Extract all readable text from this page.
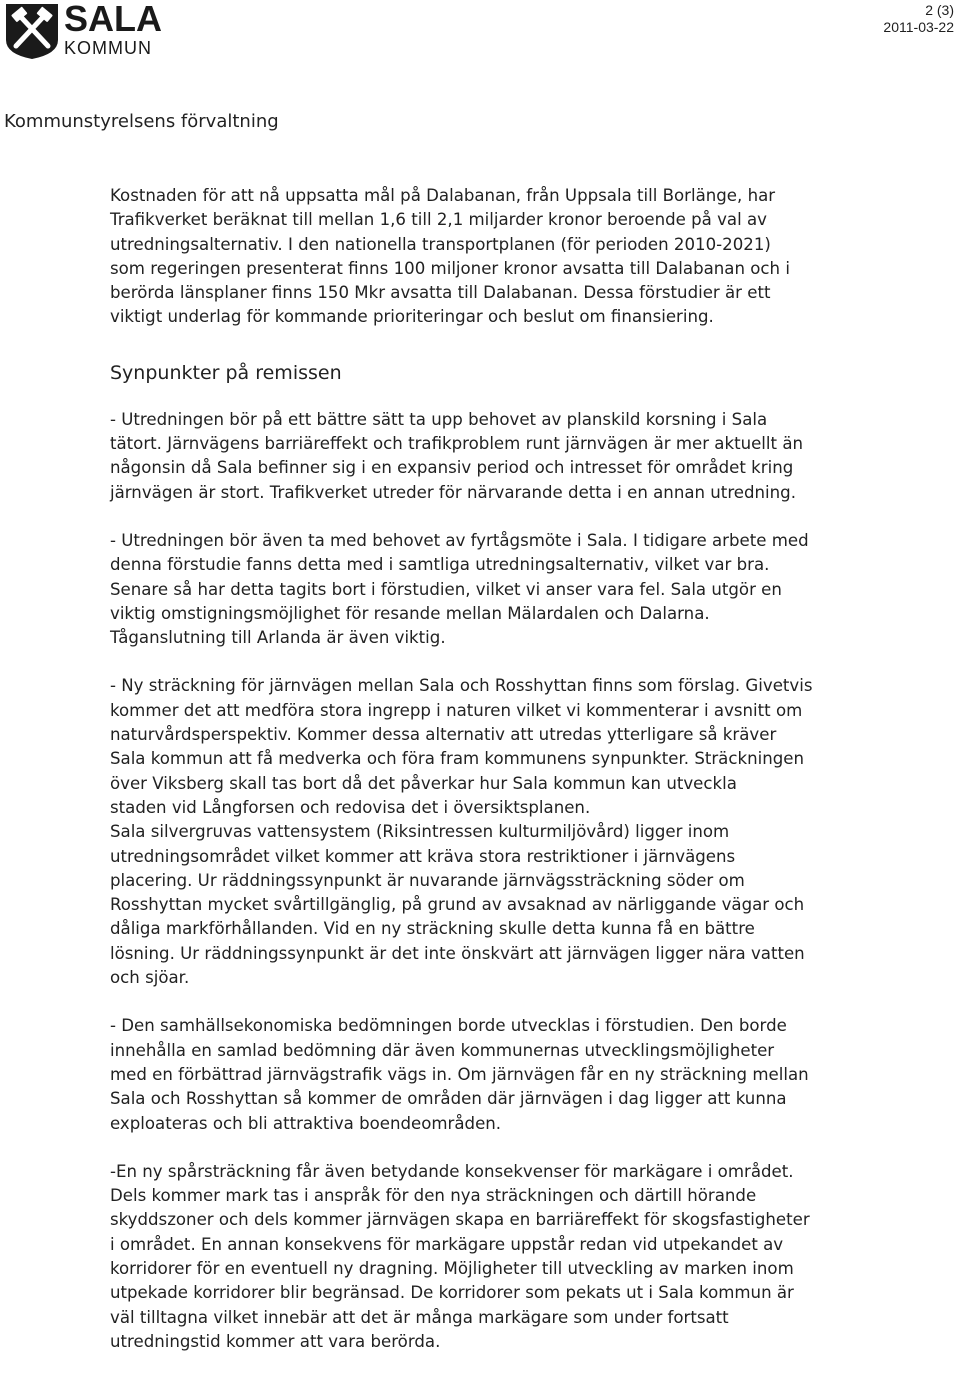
SALA
KOMMUN
2 (3)
2011-03-22
Kommunstyrelsens förvaltning

Kostnaden för att nå uppsatta mål på Dalabanan, från Uppsala till Borlänge, har
Trafikverket beräknat till mellan 1,6 till 2,1 miljarder kronor beroende på val av
utredningsalternativ. I den nationella transportplanen (för perioden 2010-2021)
som regeringen presenterat finns 100 miljoner kronor avsatta till Dalabanan och i
berörda länsplaner finns 150 Mkr avsatta till Dalabanan. Dessa förstudier är ett
viktigt underlag för kommande prioriteringar och beslut om finansiering.

Synpunkter på remissen

- Utredningen bör på ett bättre sätt ta upp behovet av planskild korsning i Sala
tätort. Järnvägens barriäreffekt och trafikproblem runt järnvägen är mer aktuellt än
någonsin då Sala befinner sig i en expansiv period och intresset för området kring
järnvägen är stort. Trafikverket utreder för närvarande detta i en annan utredning.

- Utredningen bör även ta med behovet av fyrtågsmöte i Sala. I tidigare arbete med
denna förstudie fanns detta med i samtliga utredningsalternativ, vilket var bra.
Senare så har detta tagits bort i förstudien, vilket vi anser vara fel. Sala utgör en
viktig omstigningsmöjlighet för resande mellan Mälardalen och Dalarna.
Tåganslutning till Arlanda är även viktig.

- Ny sträckning för järnvägen mellan Sala och Rosshyttan finns som förslag. Givetvis
kommer det att medföra stora ingrepp i naturen vilket vi kommenterar i avsnitt om
naturvårdsperspektiv. Kommer dessa alternativ att utredas ytterligare så kräver
Sala kommun att få medverka och föra fram kommunens synpunkter. Sträckningen
över Viksberg skall tas bort då det påverkar hur Sala kommun kan utveckla
staden vid Långforsen och redovisa det i översiktsplanen.
Sala silvergruvas vattensystem (Riksintressen kulturmiljövård) ligger inom
utredningsområdet vilket kommer att kräva stora restriktioner i järnvägens
placering. Ur räddningssynpunkt är nuvarande järnvägssträckning söder om
Rosshyttan mycket svårtillgänglig, på grund av avsaknad av närliggande vägar och
dåliga markförhållanden. Vid en ny sträckning skulle detta kunna få en bättre
lösning. Ur räddningssynpunkt är det inte önskvärt att järnvägen ligger nära vatten
och sjöar.

- Den samhällsekonomiska bedömningen borde utvecklas i förstudien. Den borde
innehålla en samlad bedömning där även kommunernas utvecklingsmöjligheter
med en förbättrad järnvägstrafik vägs in. Om järnvägen får en ny sträckning mellan
Sala och Rosshyttan så kommer de områden där järnvägen i dag ligger att kunna
exploateras och bli attraktiva boendeområden.

-En ny spårsträckning får även betydande konsekvenser för markägare i området.
Dels kommer mark tas i anspråk för den nya sträckningen och därtill hörande
skyddszoner och dels kommer järnvägen skapa en barriäreffekt för skogsfastigheter
i området. En annan konsekvens för markägare uppstår redan vid utpekandet av
korridorer för en eventuell ny dragning. Möjligheter till utveckling av marken inom
utpekade korridorer blir begränsad. De korridorer som pekats ut i Sala kommun är
väl tilltagna vilket innebär att det är många markägare som under fortsatt
utredningstid kommer att vara berörda.
